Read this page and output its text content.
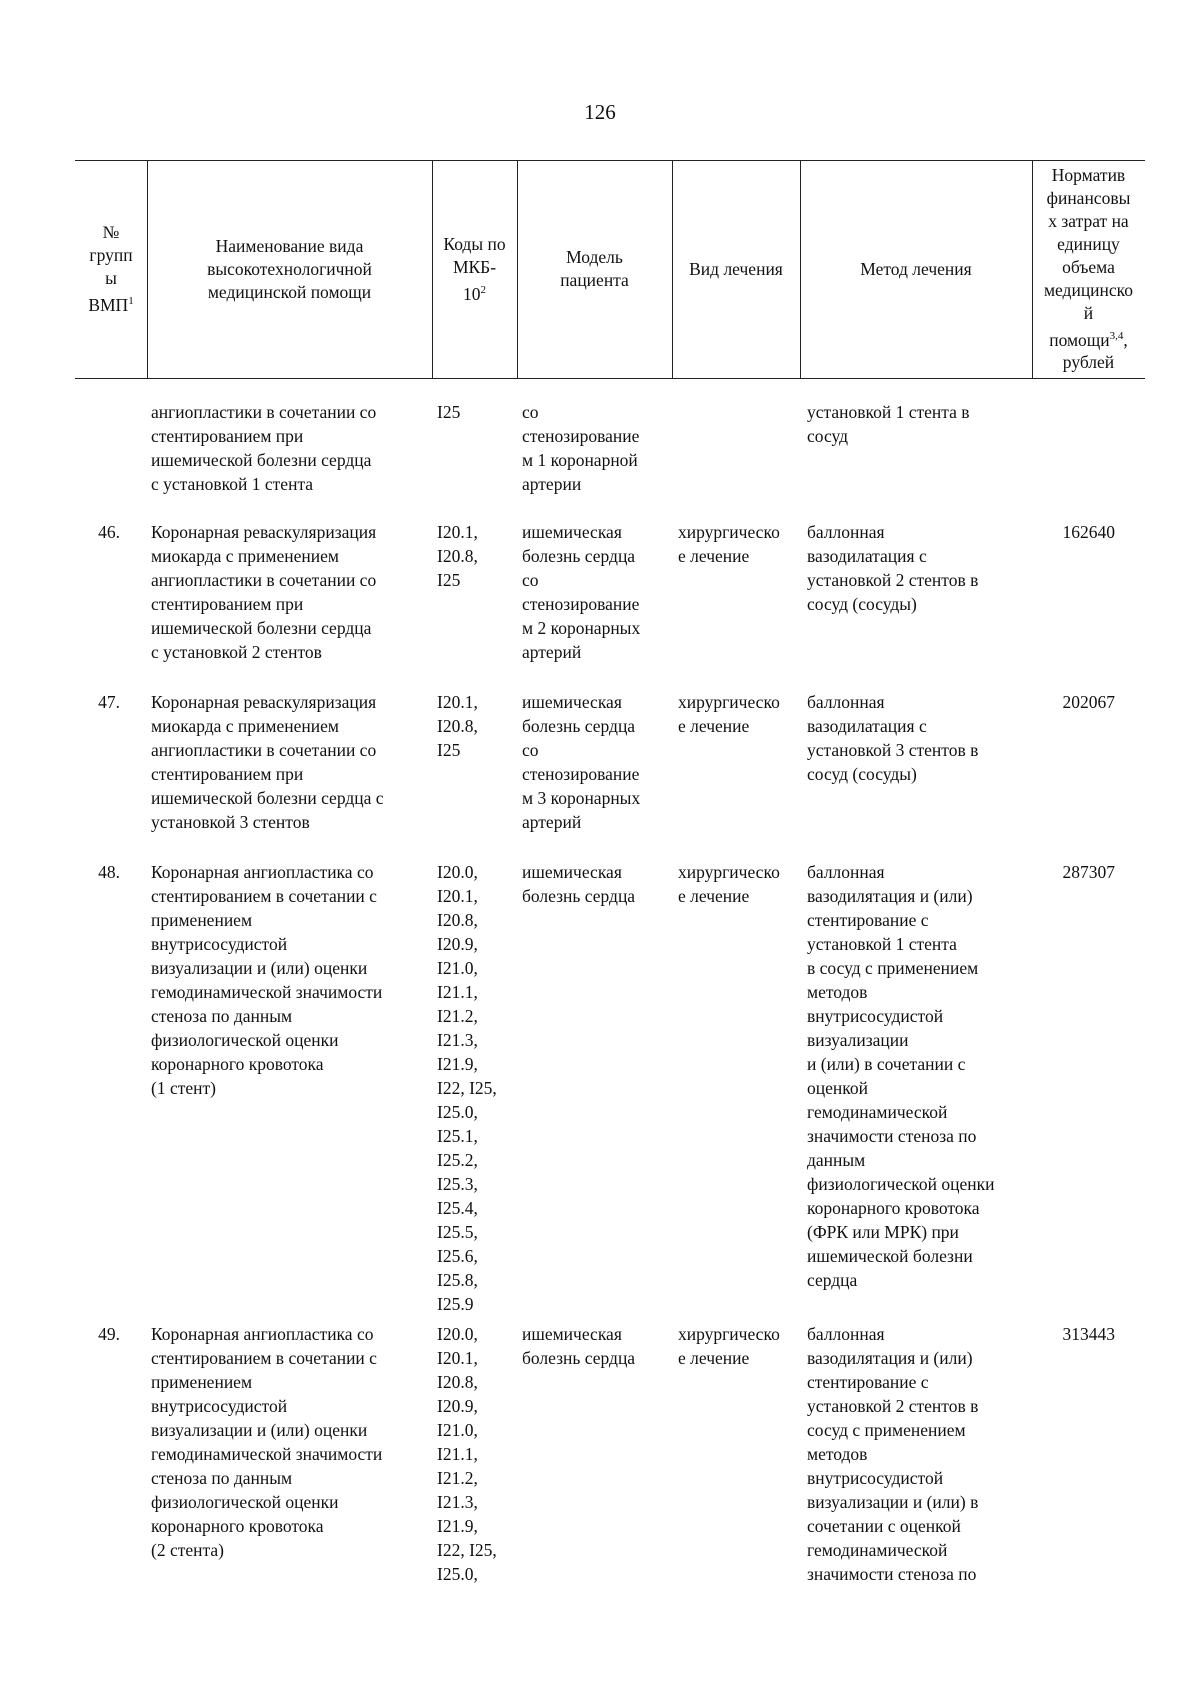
126
№
групп
ы
ВМП$^1$
Наименование вида
высокотехнологичной
медицинской помощи
Коды по
МКБ-
$10^2$
Модель
пациента
Вид лечения	Метод лечения
Норматив
финансовы
х затрат на
единицу
объема
медицинско
й
помощи$^{3,4}$,
рублей
ангиопластики в сочетании со
стентированием при
ишемической болезни сердца
с установкой 1 стента
I25	со
стенозирование
м 1 коронарной
артерии
установкой 1 стента в
сосуд
46. Коронарная реваскуляризация
миокарда с применением
ангиопластики в сочетании со
стентированием при
ишемической болезни сердца
с установкой 2 стентов
I20.1,
I20.8,
I25
ишемическая
болезнь сердца
со
стенозирование
м 2 коронарных
артерий
хирургическо
е лечение
баллонная
вазодилатация с
установкой 2 стентов в
сосуд (сосуды)
162640
47. Коронарная реваскуляризация
миокарда с применением
ангиопластики в сочетании со
стентированием при
ишемической болезни сердца с
установкой 3 стентов
I20.1,
I20.8,
I25
ишемическая
болезнь сердца
со
стенозирование
м 3 коронарных
артерий
хирургическо
е лечение
баллонная
вазодилатация с
установкой 3 стентов в
сосуд (сосуды)
202067
48. Коронарная ангиопластика со
стентированием в сочетании с
применением
внутрисосудистой
визуализации и (или) оценки
гемодинамической значимости
стеноза по данным
физиологической оценки
коронарного кровотока
(1 стент)
I20.0,
I20.1,
I20.8,
I20.9,
I21.0,
I21.1,
I21.2,
I21.3,
I21.9,
I22, I25,
I25.0,
I25.1,
I25.2,
I25.3,
I25.4,
I25.5,
I25.6,
I25.8,
I25.9
ишемическая
болезнь сердца
хирургическо
е лечение
баллонная
вазодилятация и (или)
стентирование с
установкой 1 стента
в сосуд с применением
методов
внутрисосудистой
визуализации
и (или) в сочетании с
оценкой
гемодинамической
значимости стеноза по
данным
физиологической оценки
коронарного кровотока
(ФРК или МРК) при
ишемической болезни
сердца
287307
49. Коронарная ангиопластика со
стентированием в сочетании с
применением
внутрисосудистой
визуализации и (или) оценки
гемодинамической значимости
стеноза по данным
физиологической оценки
коронарного кровотока
(2 стента)
I20.0,
I20.1,
I20.8,
I20.9,
I21.0,
I21.1,
I21.2,
I21.3,
I21.9,
I22, I25,
I25.0,
ишемическая
болезнь сердца
хирургическо
е лечение
баллонная
вазодилятация и (или)
стентирование с
установкой 2 стентов в
сосуд с применением
методов
внутрисосудистой
визуализации и (или) в
сочетании с оценкой
гемодинамической
значимости стеноза по
313443
